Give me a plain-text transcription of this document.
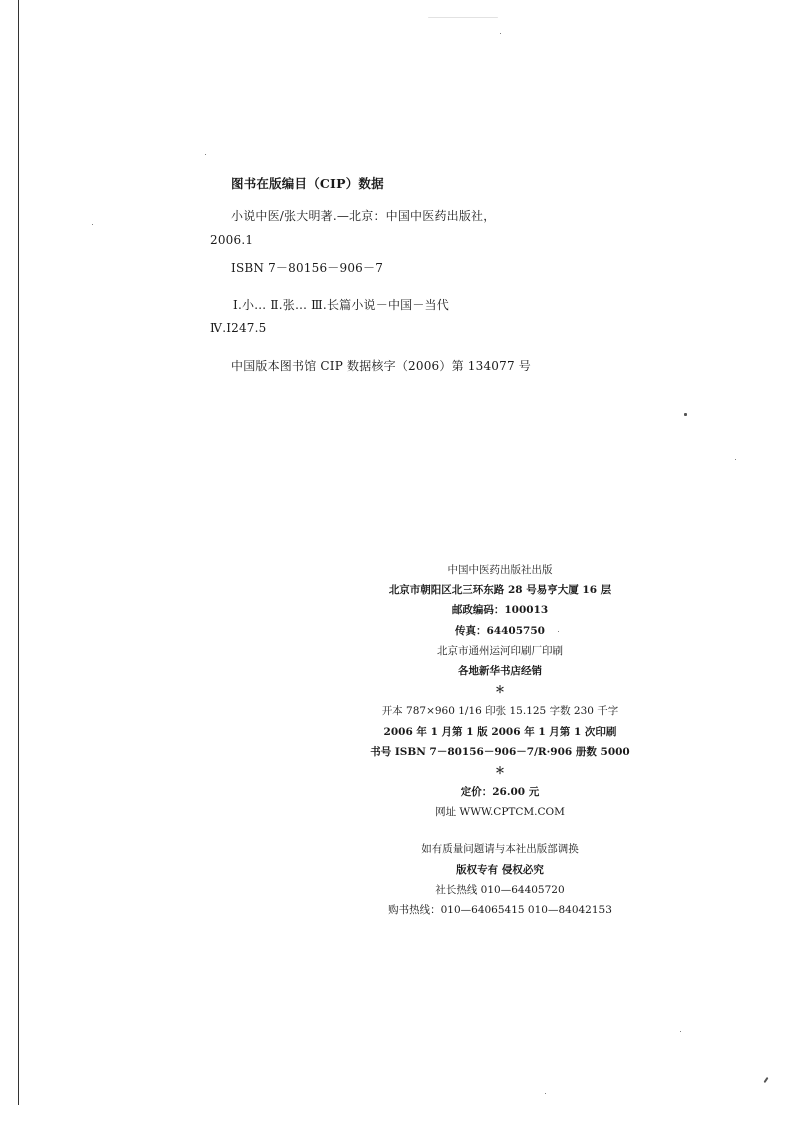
图书在版编目（CIP）数据
小说中医/张大明著.—北京：中国中医药出版社，
2006.1
ISBN 7－80156－906－7
Ⅰ.小… Ⅱ.张… Ⅲ.长篇小说－中国－当代
Ⅳ.I247.5
中国版本图书馆 CIP 数据核字（2006）第 134077 号
中国中医药出版社出版
北京市朝阳区北三环东路 28 号易亨大厦 16 层
邮政编码：100013
传真：64405750
北京市通州运河印刷厂印刷
各地新华书店经销
＊
开本 787×960 1/16 印张 15.125 字数 230 千字
2006 年 1 月第 1 版 2006 年 1 月第 1 次印刷
书号 ISBN 7－80156－906－7/R·906 册数 5000
＊
定价：26.00 元
网址 WWW.CPTCM.COM
如有质量问题请与本社出版部调换
版权专有 侵权必究
社长热线 010—64405720
购书热线：010—64065415 010—84042153
